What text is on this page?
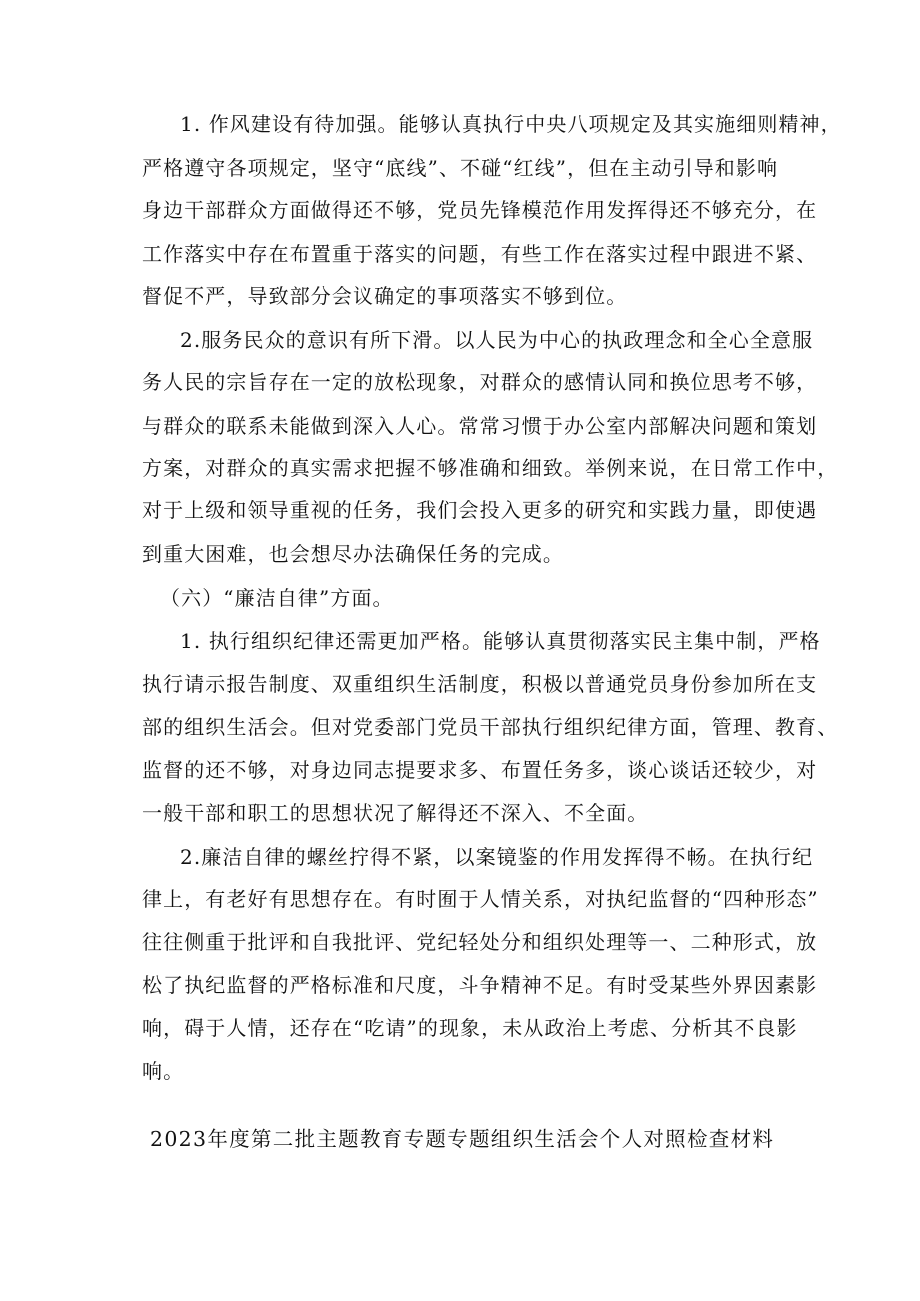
1. 作风建设有待加强。能够认真执行中央八项规定及其实施细则精神，
严格遵守各项规定，坚守“底线”、不碰“红线”，但在主动引导和影响
身边干部群众方面做得还不够，党员先锋模范作用发挥得还不够充分，在
工作落实中存在布置重于落实的问题，有些工作在落实过程中跟进不紧、
督促不严，导致部分会议确定的事项落实不够到位。
2.服务民众的意识有所下滑。以人民为中心的执政理念和全心全意服
务人民的宗旨存在一定的放松现象，对群众的感情认同和换位思考不够，
与群众的联系未能做到深入人心。常常习惯于办公室内部解决问题和策划
方案，对群众的真实需求把握不够准确和细致。举例来说，在日常工作中，
对于上级和领导重视的任务，我们会投入更多的研究和实践力量，即使遇
到重大困难，也会想尽办法确保任务的完成。
（六）“廉洁自律”方面。
1. 执行组织纪律还需更加严格。能够认真贯彻落实民主集中制，严格
执行请示报告制度、双重组织生活制度，积极以普通党员身份参加所在支
部的组织生活会。但对党委部门党员干部执行组织纪律方面，管理、教育、
监督的还不够，对身边同志提要求多、布置任务多，谈心谈话还较少，对
一般干部和职工的思想状况了解得还不深入、不全面。
2.廉洁自律的螺丝拧得不紧，以案镜鉴的作用发挥得不畅。在执行纪
律上，有老好有思想存在。有时囿于人情关系，对执纪监督的“四种形态”
往往侧重于批评和自我批评、党纪轻处分和组织处理等一、二种形式，放
松了执纪监督的严格标准和尺度，斗争精神不足。有时受某些外界因素影
响，碍于人情，还存在“吃请”的现象，未从政治上考虑、分析其不良影
响。
2023年度第二批主题教育专题专题组织生活会个人对照检查材料
